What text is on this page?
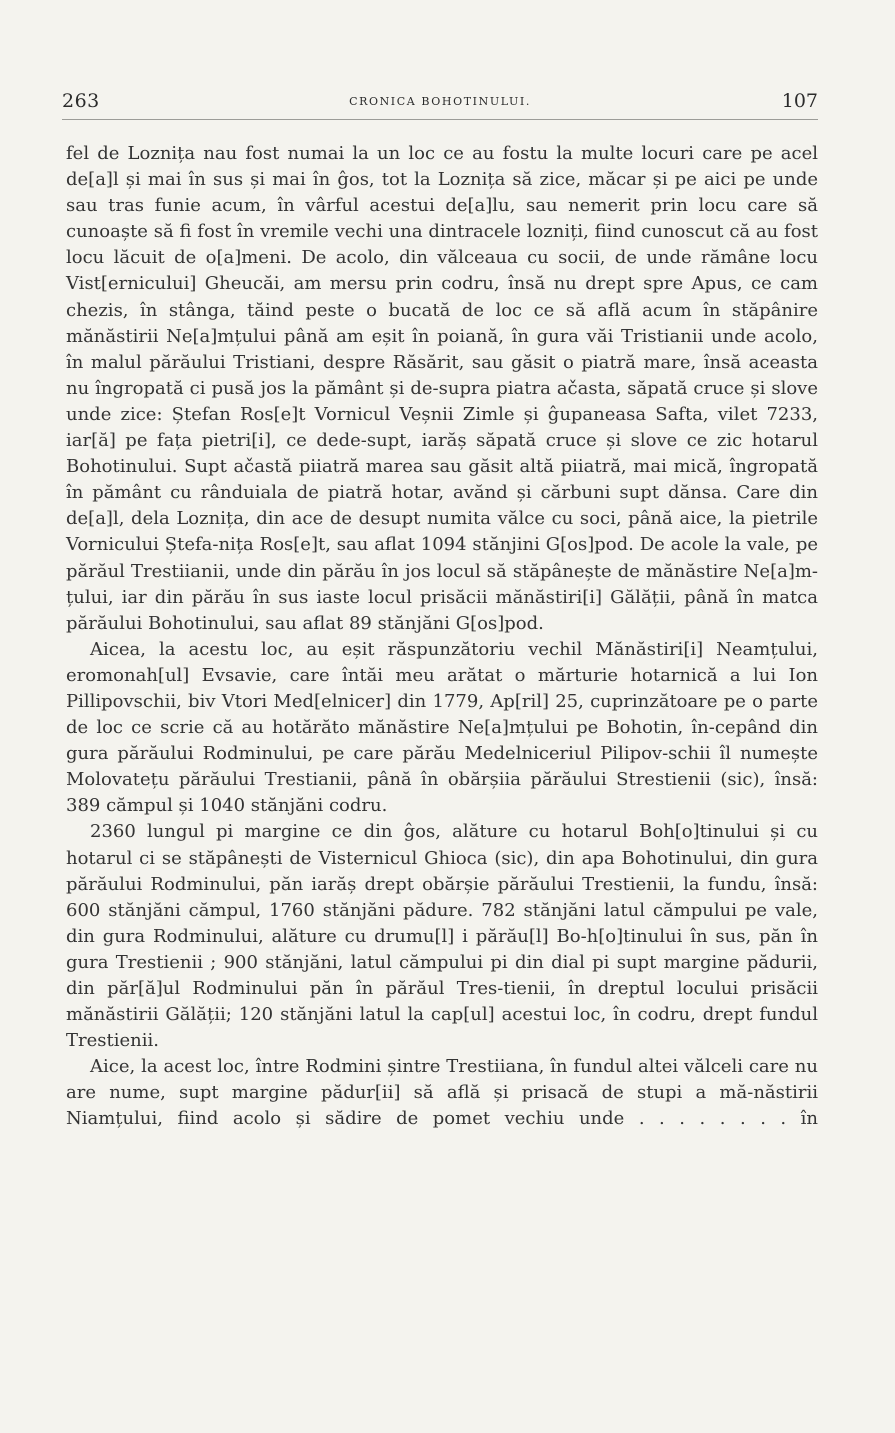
263	CRONICA BOHOTINULUI.	107

fel de Loznița nau fost numai la un loc ce au fostu la multe locuri care pe acel de[a]l și mai în sus și mai în ĝos, tot la Loznița să zice, măcar și pe aici pe unde sau tras funie acum, în vârful acestui de[a]lu, sau nemerit prin locu care să cunoaște să fi fost în vremile vechi una dintracele lozniți, fiind cunoscut că au fost locu lăcuit de o[a]meni. De acolo, din vălceaua cu socii, de unde rămâne locu Vist[ernicului] Gheucăi, am mersu prin codru, însă nu drept spre Apus, ce cam chezis, în stânga, tăind peste o bucată de loc ce să află acum în stăpânire mănăstirii Ne[a]mțului până am eșit în poiană, în gura văi Tristianii unde acolo, în malul părăului Tristiani, despre Răsărit, sau găsit o piatră mare, însă aceasta nu îngropată ci pusă jos la pământ și de-supra piatra ačasta, săpată cruce și slove unde zice: Ștefan Ros[e]t Vornicul Veșnii Zimle și ĝupaneasa Safta, vilet 7233, iar[ă] pe fața pietri[i], ce dede-supt, iarăș săpată cruce și slove ce zic hotarul Bohotinului. Supt ačastă piiatră marea sau găsit altă piiatră, mai mică, îngropată în pământ cu rânduiala de piatră hotar, avănd și cărbuni supt dănsa. Care din de[a]l, dela Loznița, din ace de desupt numita vălce cu soci, până aice, la pietrile Vornicului Ștefa-nița Ros[e]t, sau aflat 1094 stănjini G[os]pod. De acole la vale, pe părăul Trestiianii, unde din părău în jos locul să stăpânește de mănăstire Ne[a]m-țului, iar din părău în sus iaste locul prisăcii mănăstiri[i] Gălății, până în matca părăului Bohotinului, sau aflat 89 stănjăni G[os]pod.

Aicea, la acestu loc, au eșit răspunzătoriu vechil Mănăstiri[i] Neamțului, eromonah[ul] Evsavie, care întăi meu arătat o mărturie hotarnică a lui Ion Pillipovschii, biv Vtori Med[elnicer] din 1779, Ap[ril] 25, cuprinzătoare pe o parte de loc ce scrie că au hotărăto mănăstire Ne[a]mțului pe Bohotin, în-cepând din gura părăului Rodminului, pe care părău Medelniceriul Pilipov-schii îl numește Molovatețu părăului Trestianii, până în obărșiia părăului Strestienii (sic), însă: 389 cămpul și 1040 stănjăni codru.

2360 lungul pi margine ce din ĝos, alăture cu hotarul Boh[o]tinului și cu hotarul ci se stăpânești de Visternicul Ghioca (sic), din apa Bohotinului, din gura părăului Rodminului, păn iarăș drept obărșie părăului Trestienii, la fundu, însă: 600 stănjăni cămpul, 1760 stănjăni pădure. 782 stănjăni latul cămpului pe vale, din gura Rodminului, alăture cu drumu[l] i părău[l] Bo-h[o]tinului în sus, păn în gura Trestienii ; 900 stănjăni, latul cămpului pi din dial pi supt margine pădurii, din păr[ă]ul Rodminului păn în părăul Tres-tienii, în dreptul locului prisăcii mănăstirii Gălății; 120 stănjăni latul la cap[ul] acestui loc, în codru, drept fundul Trestienii.

Aice, la acest loc, între Rodmini șintre Trestiiana, în fundul altei vălceli care nu are nume, supt margine pădur[ii] să află și prisacă de stupi a mă-năstirii Niamțului, fiind acolo și sădire de pomet vechiu unde . . . . . . . . în
